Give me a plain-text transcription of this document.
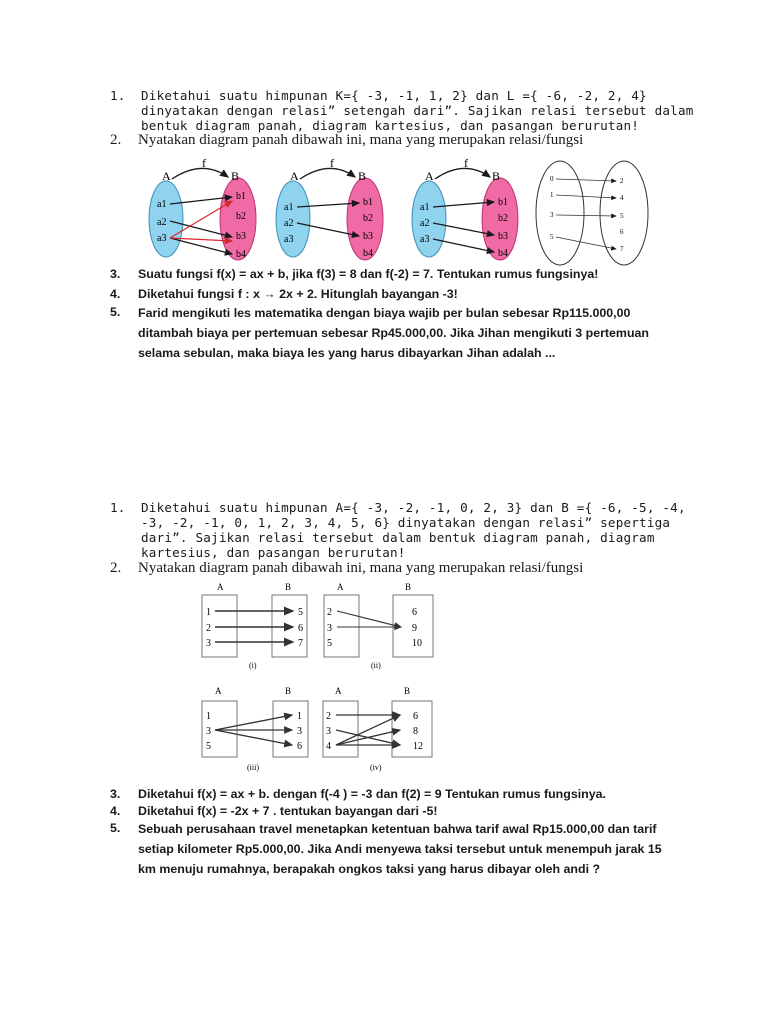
1.	Diketahui suatu himpunan K={ -3, -1, 1, 2} dan L ={ -6, -2, 2, 4} dinyatakan dengan relasi” setengah dari”. Sajikan relasi tersebut dalam bentuk diagram panah, diagram kartesius, dan pasangan berurutan!
2.	Nyatakan diagram panah dibawah ini, mana yang merupakan relasi/fungsi
A	B
f
a1
a2
a3
b1
b2
b3
b4
A	B
f
a1
a2
a3
b1
b2
b3
b4
A	B
f
a1
a2
a3
b1
b2
b3
b4
0
1
3
5
2
4
5
6
7
3.	Suatu fungsi f(x) = ax + b, jika f(3) = 8 dan f(-2) = 7. Tentukan rumus fungsinya!
4.	Diketahui fungsi f : x → 2x + 2. Hitunglah bayangan -3!
5.	Farid mengikuti les matematika dengan biaya wajib per bulan sebesar Rp115.000,00 ditambah biaya per pertemuan sebesar Rp45.000,00. Jika Jihan mengikuti 3 pertemuan selama sebulan, maka biaya les yang harus dibayarkan Jihan adalah ...
1.	Diketahui suatu himpunan A={ -3, -2, -1, 0, 2, 3} dan B ={ -6, -5, -4, -3, -2, -1, 0, 1, 2, 3, 4, 5, 6} dinyatakan dengan relasi” sepertiga dari”. Sajikan relasi tersebut dalam bentuk diagram panah, diagram kartesius, dan pasangan berurutan!
2.	Nyatakan diagram panah dibawah ini, mana yang merupakan relasi/fungsi
A	B
1
2
3
5
6
7
(i)
A	B
2
3
5
6
9
10
(ii)
A	B
1
3
5
1
3
6
(iii)
A	B
2
3
4
6
8
12
(iv)
3.	Diketahui f(x) = ax + b. dengan f(-4 ) = -3 dan f(2) = 9 Tentukan rumus fungsinya.
4.	Diketahui f(x) = -2x + 7 . tentukan bayangan dari -5!
5.	Sebuah perusahaan travel menetapkan ketentuan bahwa tarif awal Rp15.000,00 dan tarif setiap kilometer Rp5.000,00. Jika Andi menyewa taksi tersebut untuk menempuh jarak 15 km menuju rumahnya, berapakah ongkos taksi yang harus dibayar oleh andi ?
